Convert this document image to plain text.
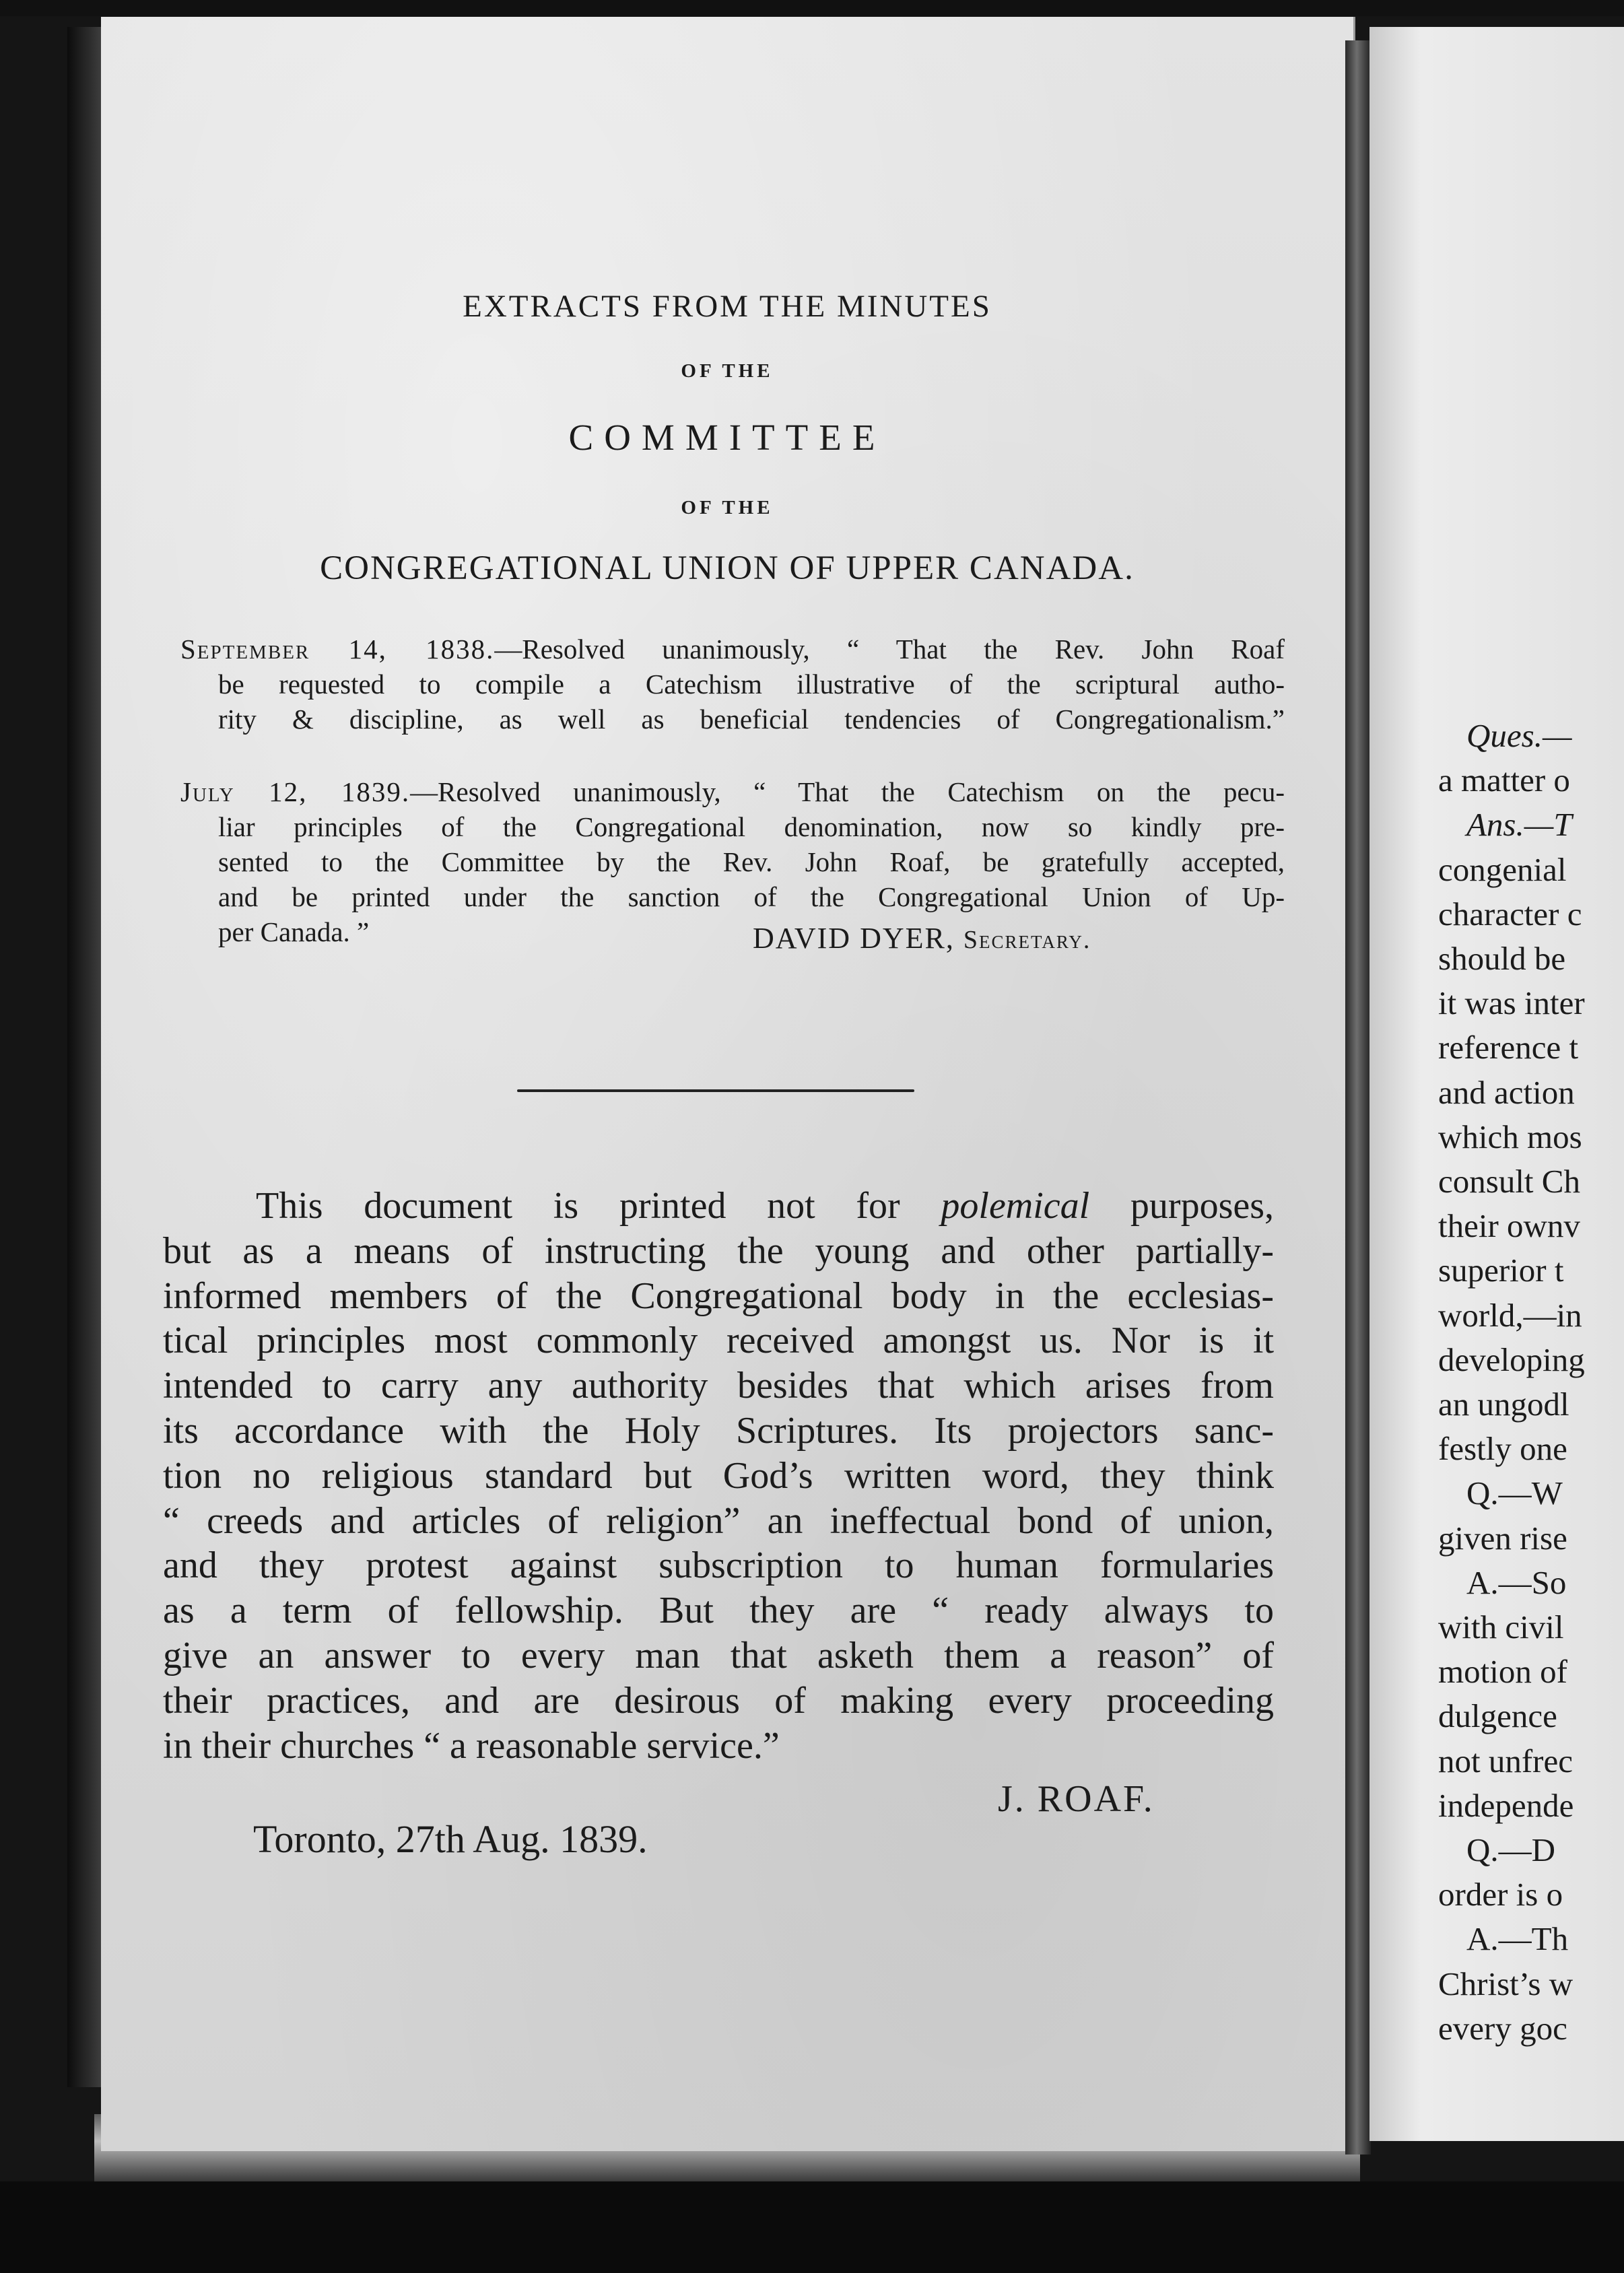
EXTRACTS FROM THE MINUTES
OF THE
COMMITTEE
OF THE
CONGREGATIONAL UNION OF UPPER CANADA.
September 14, 1838.—Resolved unanimously, “ That the Rev. John Roaf
be requested to compile a Catechism illustrative of the scriptural autho-
rity & discipline, as well as beneficial tendencies of Congregationalism.”
July 12, 1839.—Resolved unanimously, “ That the Catechism on the pecu-
liar principles of the Congregational denomination, now so kindly pre-
sented to the Committee by the Rev. John Roaf, be gratefully accepted,
and be printed under the sanction of the Congregational Union of Up-
per Canada. ”	DAVID DYER, Secretary.
This document is printed not for polemical purposes,
but as a means of instructing the young and other partially-
informed members of the Congregational body in the ecclesias-
tical principles most commonly received amongst us. Nor is it
intended to carry any authority besides that which arises from
its accordance with the Holy Scriptures. Its projectors sanc-
tion no religious standard but God’s written word, they think
“ creeds and articles of religion” an ineffectual bond of union,
and they protest against subscription to human formularies
as a term of fellowship. But they are “ ready always to
give an answer to every man that asketh them a reason” of
their practices, and are desirous of making every proceeding
in their churches “ a reasonable service.”
J. ROAF.
Toronto, 27th Aug. 1839.
Ques.—
a matter o
Ans.—T
congenial
character c
should be
it was inter
reference t
and action
which mos
consult Ch
their ownv
superior t
world,—in
developing
an ungodl
festly one
Q.—W
given rise
A.—So
with civil
motion of
dulgence
not unfrec
independe
Q.—D
order is o
A.—Th
Christ’s w
every goc
